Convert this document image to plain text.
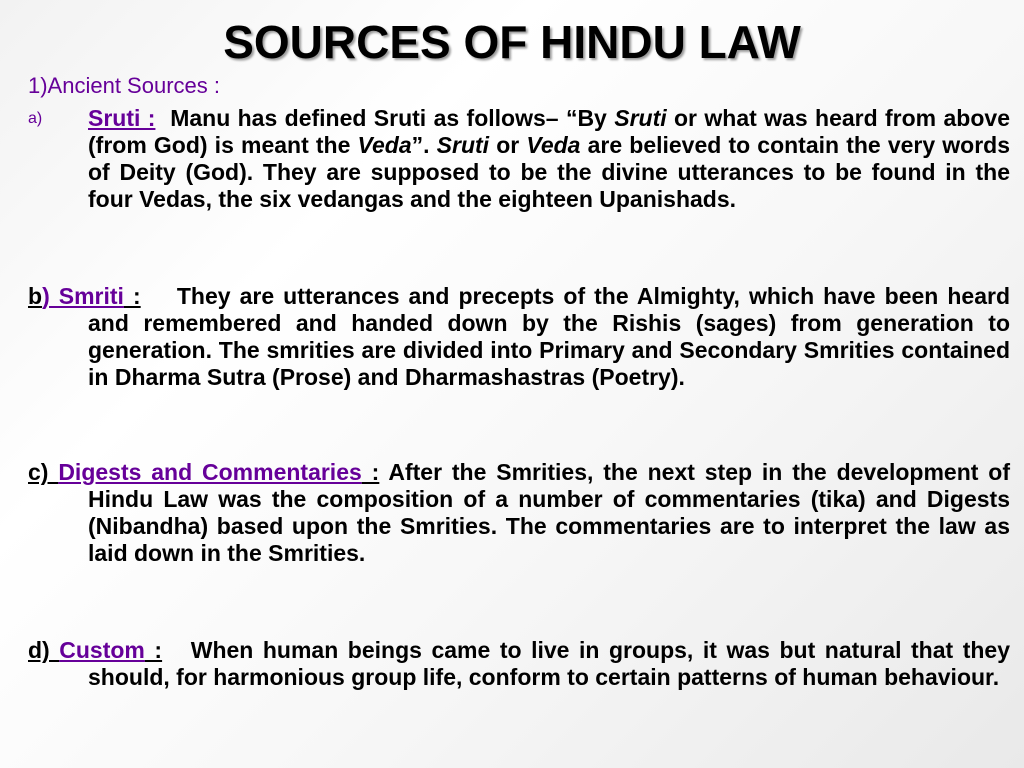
SOURCES OF HINDU LAW
1)Ancient Sources :
a) Sruti : Manu has defined Sruti as follows– “By Sruti or what was heard from above (from God) is meant the Veda”. Sruti or Veda are believed to contain the very words of Deity (God). They are supposed to be the divine utterances to be found in the four Vedas, the six vedangas and the eighteen Upanishads.
b) Smriti : They are utterances and precepts of the Almighty, which have been heard and remembered and handed down by the Rishis (sages) from generation to generation. The smrities are divided into Primary and Secondary Smrities contained in Dharma Sutra (Prose) and Dharmashastras (Poetry).
c) Digests and Commentaries : After the Smrities, the next step in the development of Hindu Law was the composition of a number of commentaries (tika) and Digests (Nibandha) based upon the Smrities. The commentaries are to interpret the law as laid down in the Smrities.
d) Custom : When human beings came to live in groups, it was but natural that they should, for harmonious group life, conform to certain patterns of human behaviour.
